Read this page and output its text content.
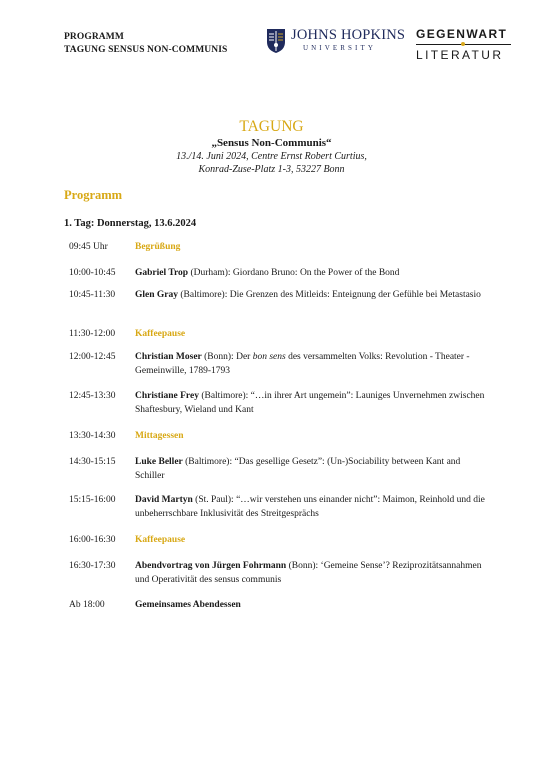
PROGRAMM
TAGUNG SENSUS NON-COMMUNIS
JOHNS HOPKINS
UNIVERSITY
GEGENWART
LITERATUR
TAGUNG
„Sensus Non-Communis“
13./14. Juni 2024, Centre Ernst Robert Curtius,
Konrad-Zuse-Platz 1-3, 53227 Bonn
Programm
1. Tag: Donnerstag, 13.6.2024
09:45 Uhr	Begrüßung
10:00-10:45 Gabriel Trop (Durham): Giordano Bruno: On the Power of the Bond
10:45-11:30 Glen Gray (Baltimore): Die Grenzen des Mitleids: Enteignung der Gefühle bei Metastasio
11:30-12:00 Kaffeepause
12:00-12:45 Christian Moser (Bonn): Der bon sens des versammelten Volks: Revolution - Theater - Gemeinwille, 1789-1793
12:45-13:30 Christiane Frey (Baltimore): “…in ihrer Art ungemein”: Launiges Unvernehmen zwischen Shaftesbury, Wieland und Kant
13:30-14:30 Mittagessen
14:30-15:15 Luke Beller (Baltimore): “Das gesellige Gesetz”: (Un-)Sociability between Kant and Schiller
15:15-16:00 David Martyn (St. Paul): “…wir verstehen uns einander nicht”: Maimon, Reinhold und die unbeherrschbare Inklusivität des Streitgesprächs
16:00-16:30 Kaffeepause
16:30-17:30 Abendvortrag von Jürgen Fohrmann (Bonn): ‘Gemeine Sense’? Reziprozitätsannahmen und Operativität des sensus communis
Ab 18:00	Gemeinsames Abendessen
